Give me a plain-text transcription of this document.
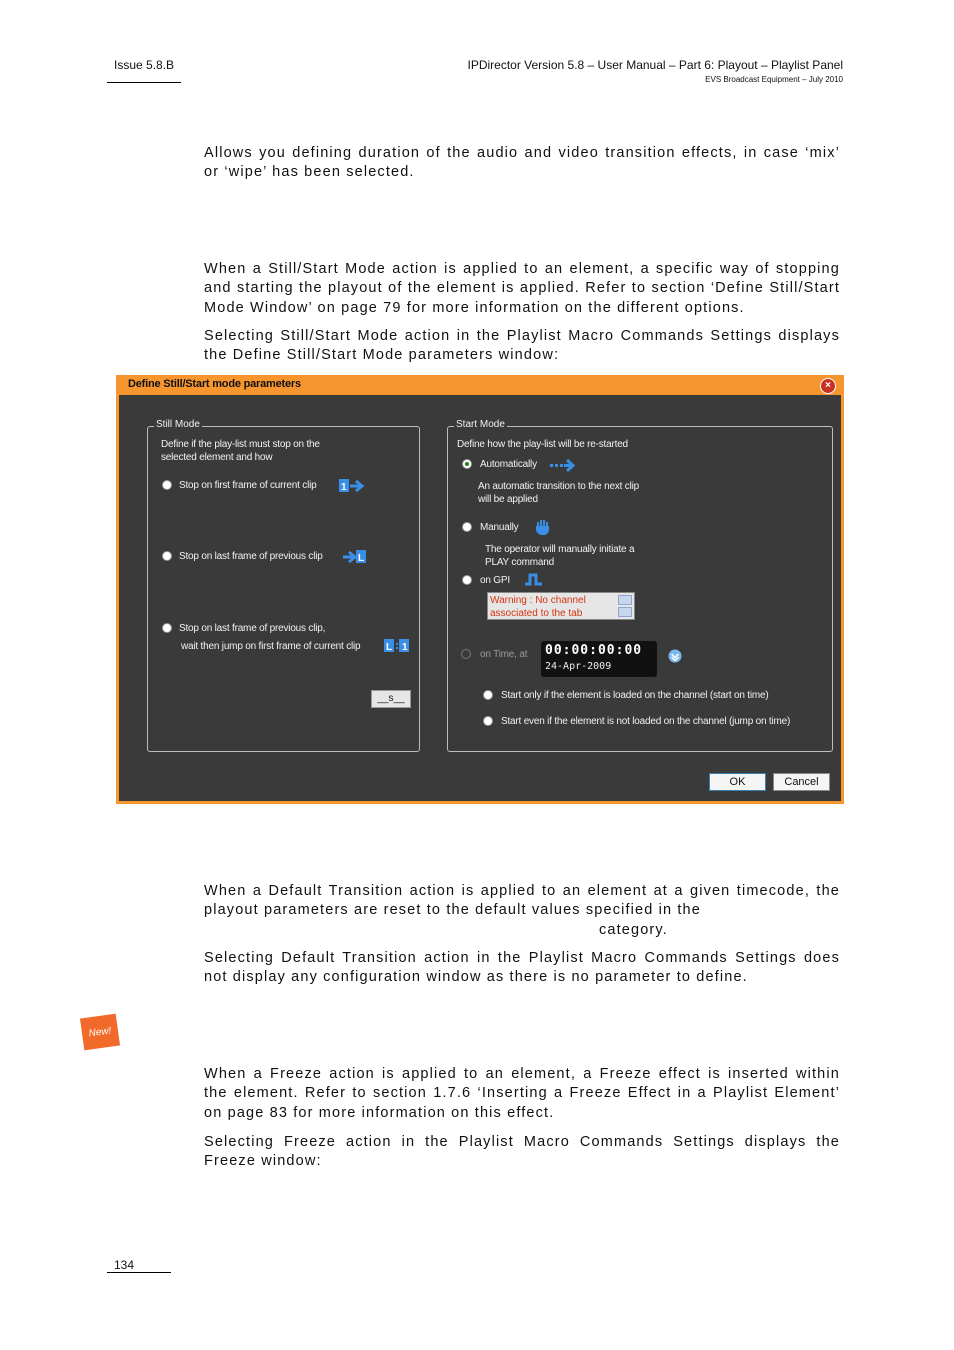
Issue 5.8.B	IPDirector Version 5.8 – User Manual – Part 6: Playout – Playlist Panel
EVS Broadcast Equipment – July 2010

Allows you defining duration of the audio and video transition effects, in case ‘mix’ or ‘wipe’ has been selected.

When a Still/Start Mode action is applied to an element, a specific way of stopping and starting the playout of the element is applied. Refer to section ‘Define Still/Start Mode Window’ on page 79 for more information on the different options.

Selecting Still/Start Mode action in the Playlist Macro Commands Settings displays the Define Still/Start Mode parameters window:

Define Still/Start mode parameters	×
Still Mode
Define if the play-list must stop on the
selected element and how
Stop on first frame of current clip 1
Stop on last frame of previous clip	L
Stop on last frame of previous clip,
wait then jump on first frame of current clip	L 1
__s__
Start Mode
Define how the play-list will be re-started
Automatically
An automatic transition to the next clip
will be applied
Manually
The operator will manually initiate a
PLAY command
on GPI
Warning : No channel associated to the tab
on Time, at 00:00:00:00
24-Apr-2009
Start only if the element is loaded on the channel (start on time)
Start even if the element is not loaded on the channel (jump on time)
OK	Cancel

When a Default Transition action is applied to an element at a given timecode, the playout parameters are reset to the default values specified in the
category.

Selecting Default Transition action in the Playlist Macro Commands Settings does not display any configuration window as there is no parameter to define.

New!

When a Freeze action is applied to an element, a Freeze effect is inserted within the element. Refer to section 1.7.6 ‘Inserting a Freeze Effect in a Playlist Element’ on page 83 for more information on this effect.

Selecting Freeze action in the Playlist Macro Commands Settings displays the Freeze window:

134
